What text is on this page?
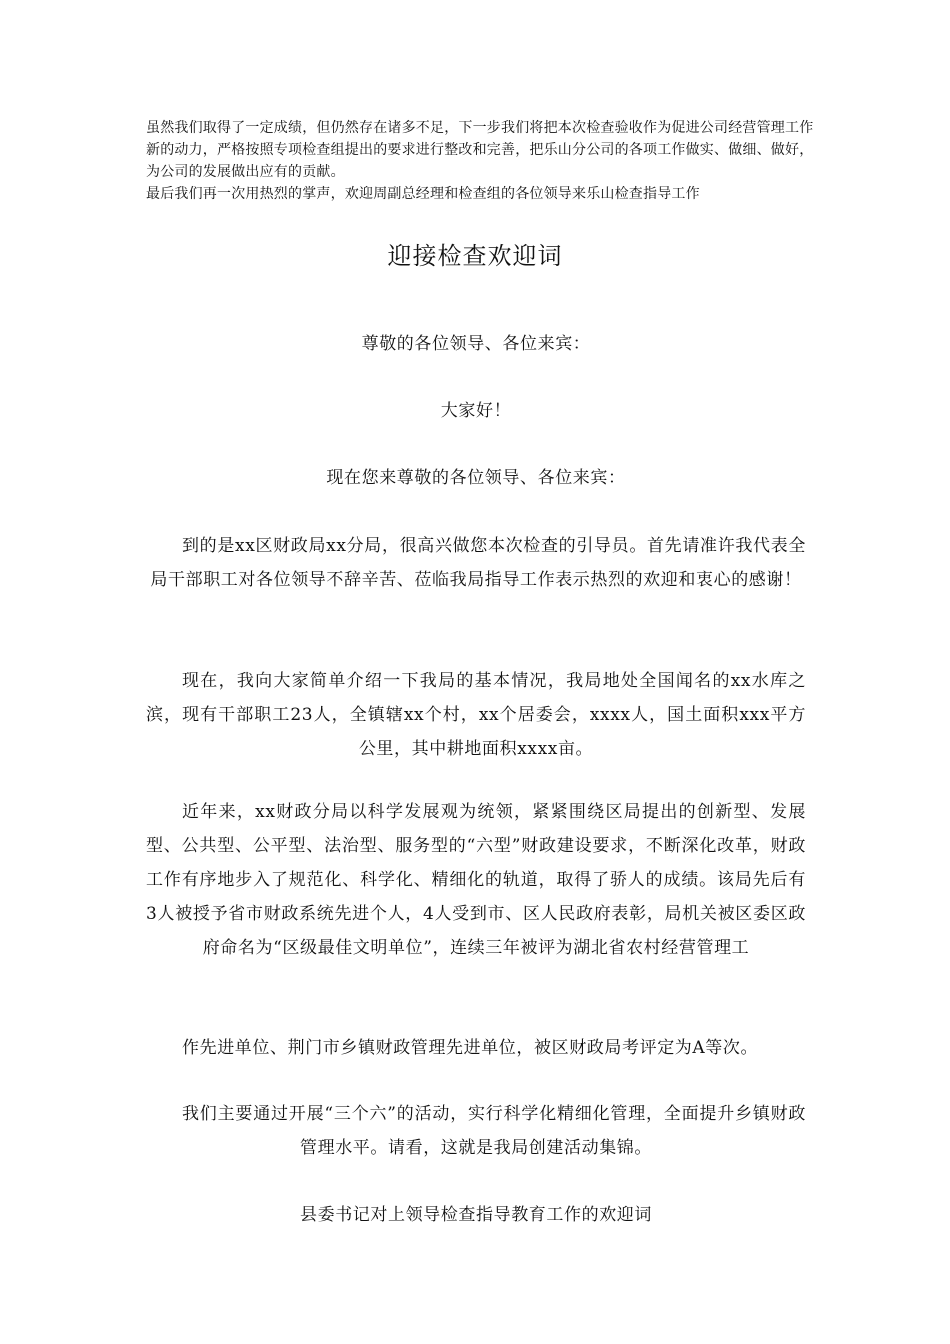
虽然我们取得了一定成绩，但仍然存在诸多不足，下一步我们将把本次检查验收作为促进公司经营管理工作新的动力，严格按照专项检查组提出的要求进行整改和完善，把乐山分公司的各项工作做实、做细、做好，为公司的发展做出应有的贡献。

最后我们再一次用热烈的掌声，欢迎周副总经理和检查组的各位领导来乐山检查指导工作

迎接检查欢迎词
尊敬的各位领导、各位来宾：
大家好！
现在您来尊敬的各位领导、各位来宾：
到的是xx区财政局xx分局，很高兴做您本次检查的引导员。首先请准许我代表全局干部职工对各位领导不辞辛苦、莅临我局指导工作表示热烈的欢迎和衷心的感谢！
现在，我向大家简单介绍一下我局的基本情况，我局地处全国闻名的xx水库之滨，现有干部职工23人，全镇辖xx个村，xx个居委会，xxxx人，国土面积xxx平方公里，其中耕地面积xxxx亩。
近年来，xx财政分局以科学发展观为统领，紧紧围绕区局提出的创新型、发展型、公共型、公平型、法治型、服务型的“六型”财政建设要求，不断深化改革，财政工作有序地步入了规范化、科学化、精细化的轨道，取得了骄人的成绩。该局先后有3人被授予省市财政系统先进个人，4人受到市、区人民政府表彰，局机关被区委区政府命名为“区级最佳文明单位”，连续三年被评为湖北省农村经营管理工
作先进单位、荆门市乡镇财政管理先进单位，被区财政局考评定为A等次。
我们主要通过开展“三个六”的活动，实行科学化精细化管理，全面提升乡镇财政管理水平。请看，这就是我局创建活动集锦。
县委书记对上领导检查指导教育工作的欢迎词
